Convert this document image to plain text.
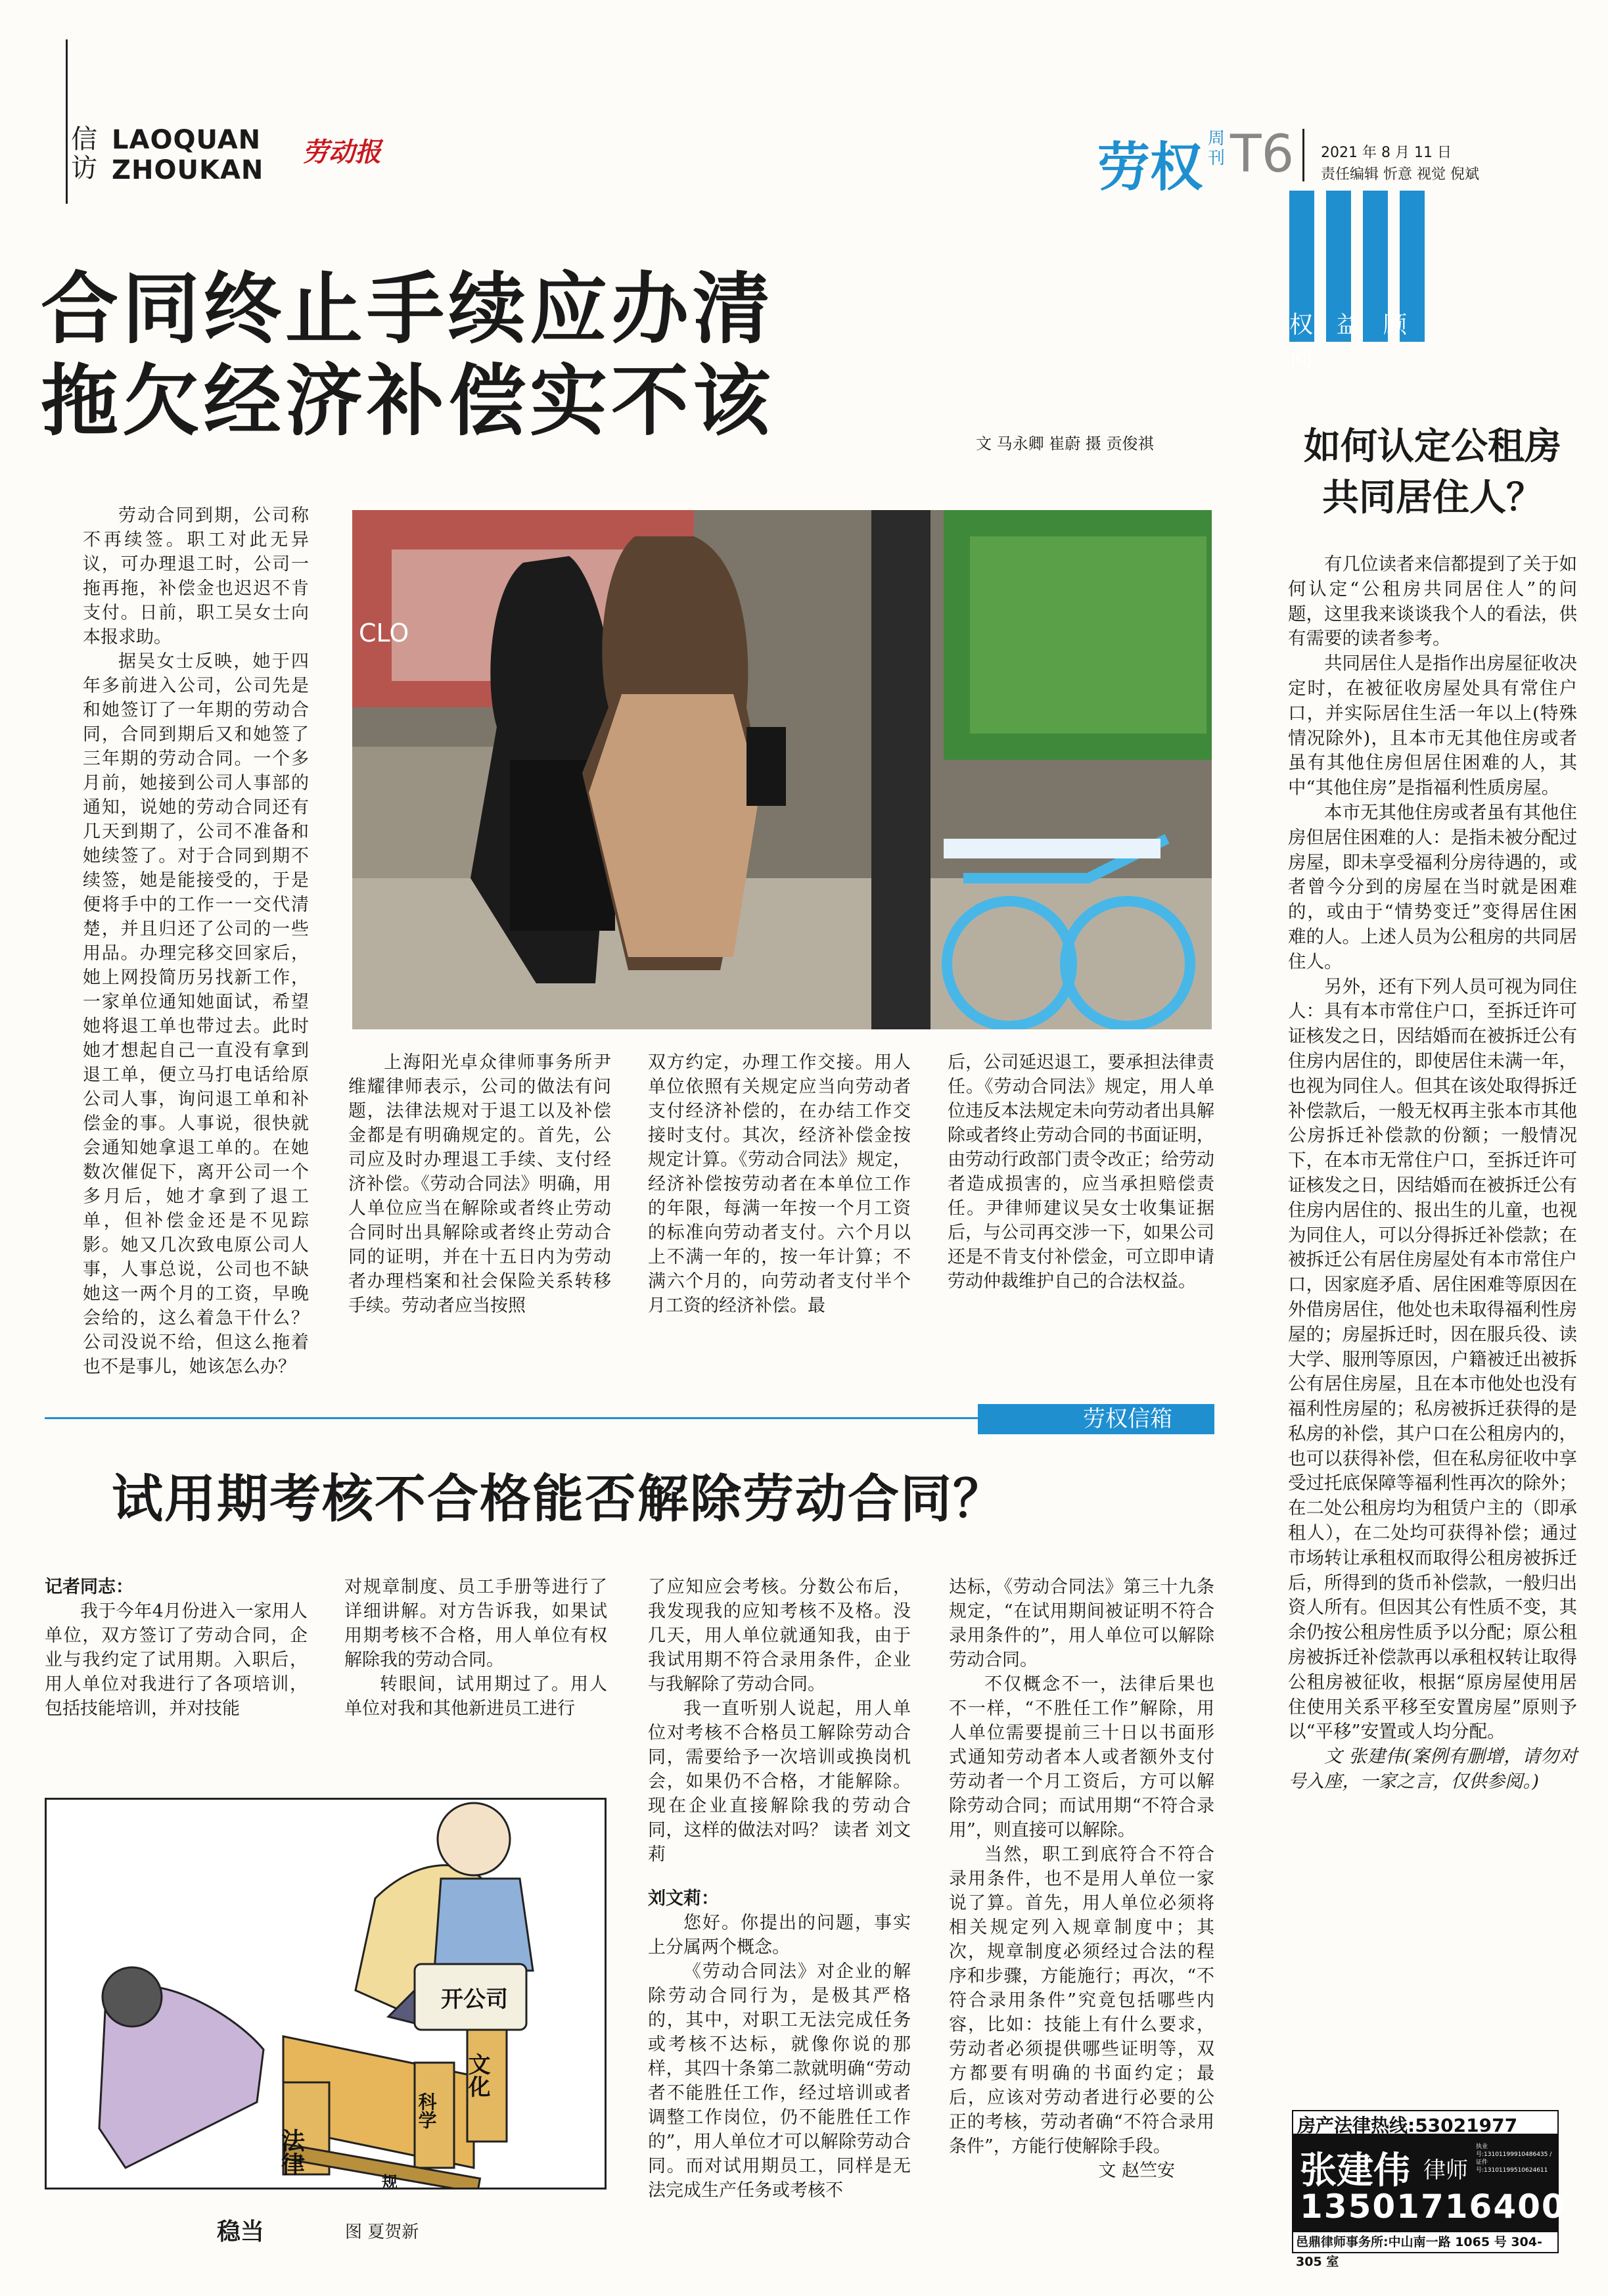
信
访
LAOQUAN
ZHOUKAN
劳动报	劳权 周刊 T6 2021 年 8 月 11 日
责任编辑 忻意 视觉 倪斌
权 益 顾 问
如何认定公租房
共同居住人？

有几位读者来信都提到了关于如何认定“公租房共同居住人”的问题，这里我来谈谈我个人的看法，供有需要的读者参考。

共同居住人是指作出房屋征收决定时，在被征收房屋处具有常住户口，并实际居住生活一年以上(特殊情况除外)，且本市无其他住房或者虽有其他住房但居住困难的人，其中“其他住房”是指福利性质房屋。

本市无其他住房或者虽有其他住房但居住困难的人：是指未被分配过房屋，即未享受福利分房待遇的，或者曾今分到的房屋在当时就是困难的，或由于“情势变迁”变得居住困难的人。上述人员为公租房的共同居住人。

另外，还有下列人员可视为同住人：具有本市常住户口，至拆迁许可证核发之日，因结婚而在被拆迁公有住房内居住的，即使居住未满一年，也视为同住人。但其在该处取得拆迁补偿款后，一般无权再主张本市其他公房拆迁补偿款的份额；一般情况下，在本市无常住户口，至拆迁许可证核发之日，因结婚而在被拆迁公有住房内居住的、报出生的儿童，也视为同住人，可以分得拆迁补偿款；在被拆迁公有居住房屋处有本市常住户口，因家庭矛盾、居住困难等原因在外借房居住，他处也未取得福利性房屋的；房屋拆迁时，因在服兵役、读大学、服刑等原因，户籍被迁出被拆公有居住房屋，且在本市他处也没有福利性房屋的；私房被拆迁获得的是私房的补偿，其户口在公租房内的，也可以获得补偿，但在私房征收中享受过托底保障等福利性再次的除外；在二处公租房均为租赁户主的（即承租人），在二处均可获得补偿；通过市场转让承租权而取得公租房被拆迁后，所得到的货币补偿款，一般归出资人所有。但因其公有性质不变，其余仍按公租房性质予以分配；原公租房被拆迁补偿款再以承租权转让取得公租房被征收，根据“原房屋使用居住使用关系平移至安置房屋”原则予以“平移”安置或人均分配。

文 张建伟(案例有删增，请勿对号入座，一家之言，仅供参阅。)

房产法律热线:53021977
张建伟 律师
执业号:13101199910486435 / 证件号:13101199510624611
13501716400
邑鼎律师事务所:中山南一路 1065 号 304-305 室
合同终止手续应办清
拖欠经济补偿实不该	文 马永卿 崔蔚 摄 贡俊祺

劳动合同到期，公司称不再续签。职工对此无异议，可办理退工时，公司一拖再拖，补偿金也迟迟不肯支付。日前，职工吴女士向本报求助。

据吴女士反映，她于四年多前进入公司，公司先是和她签订了一年期的劳动合同，合同到期后又和她签了三年期的劳动合同。一个多月前，她接到公司人事部的通知，说她的劳动合同还有几天到期了，公司不准备和她续签了。对于合同到期不续签，她是能接受的，于是便将手中的工作一一交代清楚，并且归还了公司的一些用品。办理完移交回家后，她上网投简历另找新工作，一家单位通知她面试，希望她将退工单也带过去。此时她才想起自己一直没有拿到退工单，便立马打电话给原公司人事，询问退工单和补偿金的事。人事说，很快就会通知她拿退工单的。在她数次催促下，离开公司一个多月后，她才拿到了退工单，但补偿金还是不见踪影。她又几次致电原公司人事，人事总说，公司也不缺她这一两个月的工资，早晚会给的，这么着急干什么？公司没说不给，但这么拖着也不是事儿，她该怎么办？

CLO
上海阳光卓众律师事务所尹维耀律师表示，公司的做法有问题，法律法规对于退工以及补偿金都是有明确规定的。首先，公司应及时办理退工手续、支付经济补偿。《劳动合同法》明确，用人单位应当在解除或者终止劳动合同时出具解除或者终止劳动合同的证明，并在十五日内为劳动者办理档案和社会保险关系转移手续。劳动者应当按照
双方约定，办理工作交接。用人单位依照有关规定应当向劳动者支付经济补偿的，在办结工作交接时支付。其次，经济补偿金按规定计算。《劳动合同法》规定，经济补偿按劳动者在本单位工作的年限，每满一年按一个月工资的标准向劳动者支付。六个月以上不满一年的，按一年计算；不满六个月的，向劳动者支付半个月工资的经济补偿。最
后，公司延迟退工，要承担法律责任。《劳动合同法》规定，用人单位违反本法规定未向劳动者出具解除或者终止劳动合同的书面证明，由劳动行政部门责令改正；给劳动者造成损害的，应当承担赔偿责任。尹律师建议吴女士收集证据后，与公司再交涉一下，如果公司还是不肯支付补偿金，可立即申请劳动仲裁维护自己的合法权益。
劳权信箱
试用期考核不合格能否解除劳动合同？
记者同志：

我于今年4月份进入一家用人单位，双方签订了劳动合同，企业与我约定了试用期。入职后，用人单位对我进行了各项培训，包括技能培训，并对技能

对规章制度、员工手册等进行了详细讲解。对方告诉我，如果试用期考核不合格，用人单位有权解除我的劳动合同。

转眼间，试用期过了。用人单位对我和其他新进员工进行

了应知应会考核。分数公布后，我发现我的应知考核不及格。没几天，用人单位就通知我，由于我试用期不符合录用条件，企业与我解除了劳动合同。

我一直听别人说起，用人单位对考核不合格员工解除劳动合同，需要给予一次培训或换岗机会，如果仍不合格，才能解除。现在企业直接解除我的劳动合同，这样的做法对吗？ 读者 刘文莉

刘文莉：

您好。你提出的问题，事实上分属两个概念。

《劳动合同法》对企业的解除劳动合同行为，是极其严格的，其中，对职工无法完成任务或考核不达标，就像你说的那样，其四十条第二款就明确“劳动者不能胜任工作，经过培训或者调整工作岗位，仍不能胜任工作的”，用人单位才可以解除劳动合同。而对试用期员工，同样是无法完成生产任务或考核不

达标，《劳动合同法》第三十九条规定，“在试用期间被证明不符合录用条件的”，用人单位可以解除劳动合同。

不仅概念不一，法律后果也不一样，“不胜任工作”解除，用人单位需要提前三十日以书面形式通知劳动者本人或者额外支付劳动者一个月工资后，方可以解除劳动合同；而试用期“不符合录用”，则直接可以解除。

当然，职工到底符合不符合录用条件，也不是用人单位一家说了算。首先，用人单位必须将相关规定列入规章制度中；其次，规章制度必须经过合法的程序和步骤，方能施行；再次，“不符合录用条件”究竟包括哪些内容，比如：技能上有什么要求，劳动者必须提供哪些证明等，双方都要有明确的书面约定；最后，应该对劳动者进行必要的公正的考核，劳动者确“不符合录用条件”，方能行使解除手段。

文 赵竺安
开公司
法律
科学
文化
规
稳当	图 夏贺新
